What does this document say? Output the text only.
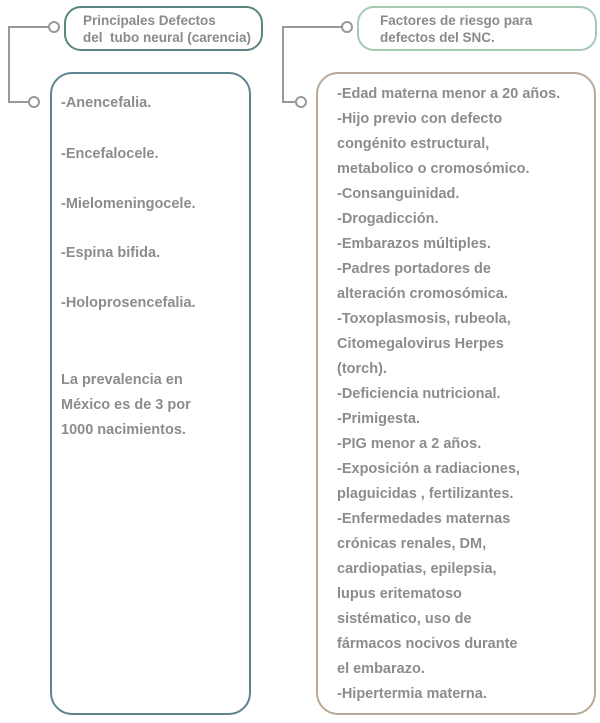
Principales Defectos
del  tubo neural (carencia)
Factores de riesgo para
defectos del SNC.
-Anencefalia.
-Encefalocele.
-Mielomeningocele.
-Espina bifida.
-Holoprosencefalia.
La prevalencia en
México es de 3 por
1000 nacimientos.
-Edad materna menor a 20 años.
-Hijo previo con defecto
congénito estructural,
metabolico o cromosómico.
-Consanguinidad.
-Drogadicción.
-Embarazos múltiples.
-Padres portadores de
alteración cromosómica.
-Toxoplasmosis, rubeola,
Citomegalovirus Herpes
(torch).
-Deficiencia nutricional.
-Primigesta.
-PIG menor a 2 años.
-Exposición a radiaciones,
plaguicidas , fertilizantes.
-Enfermedades maternas
crónicas renales, DM,
cardiopatias, epilepsia,
lupus eritematoso
sistématico, uso de
fármacos nocivos durante
el embarazo.
-Hipertermia materna.
